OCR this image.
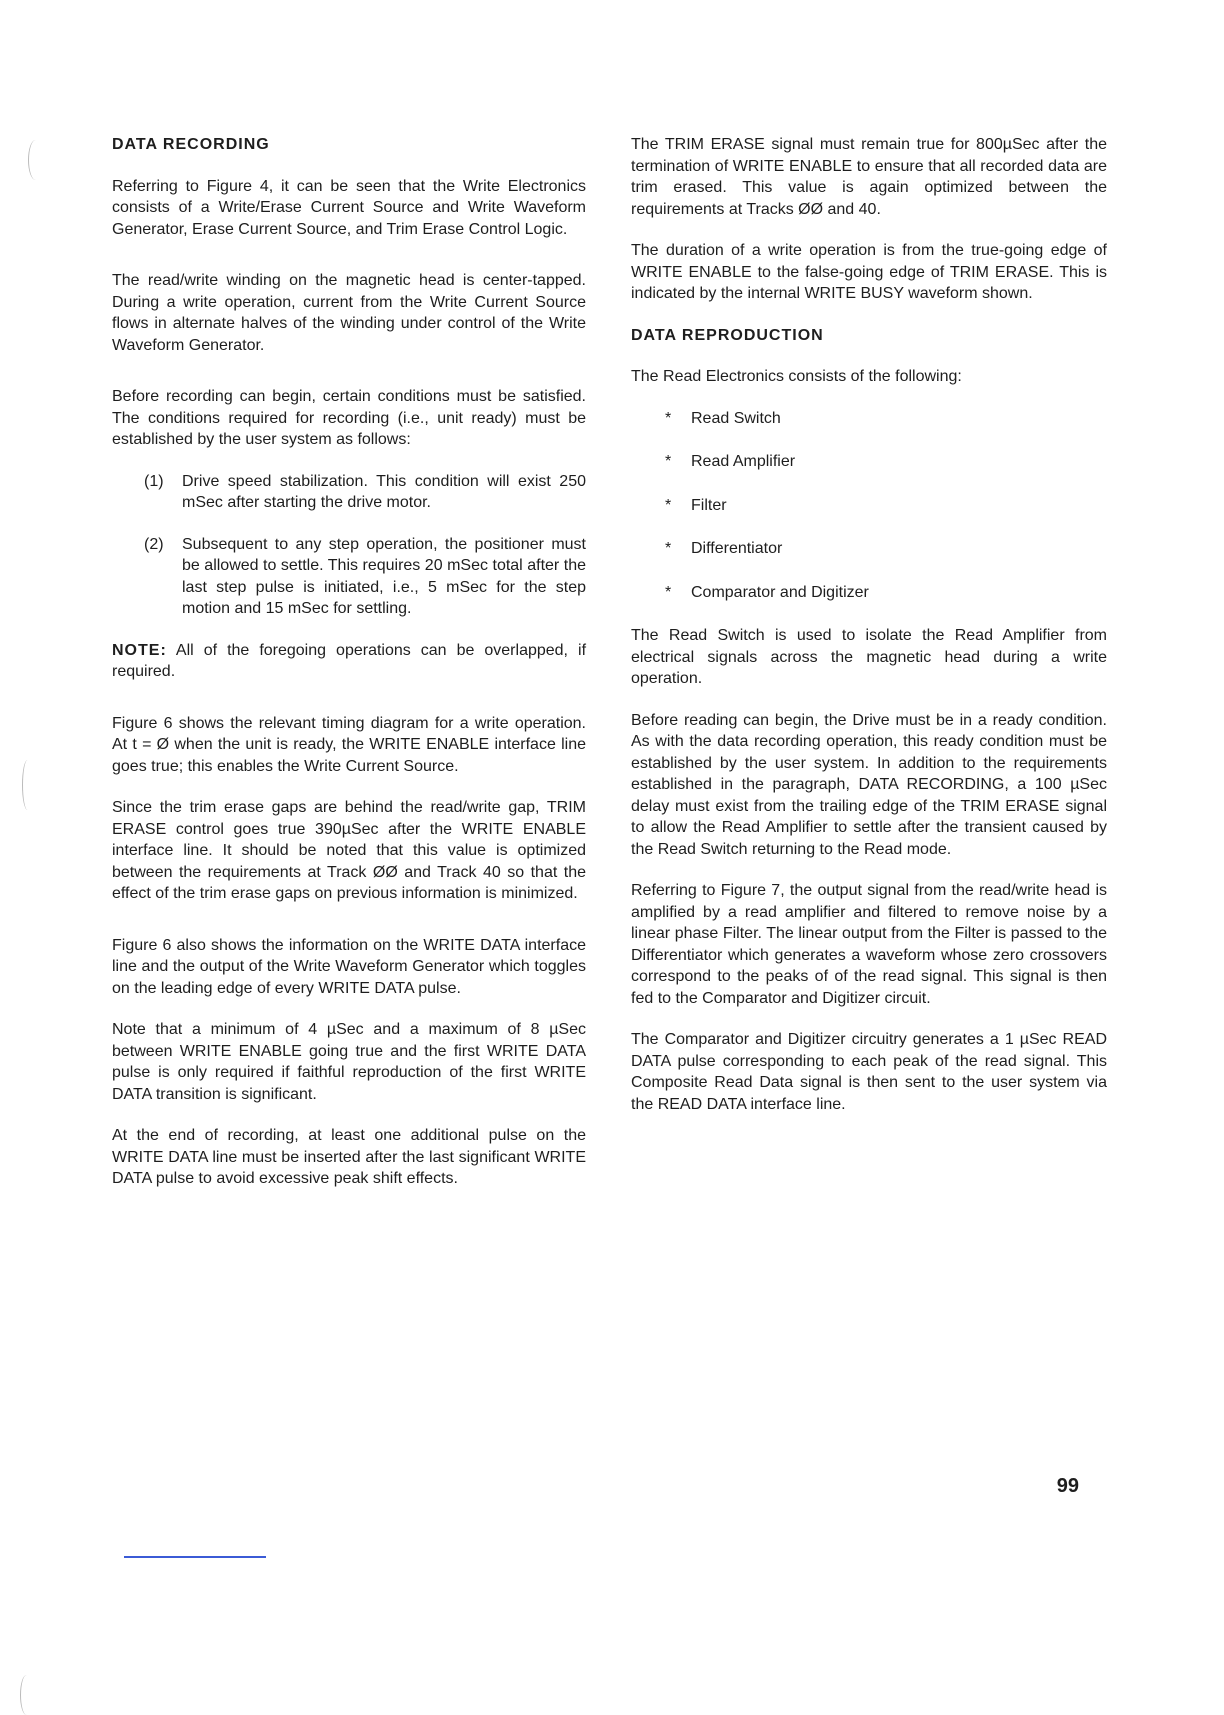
DATA RECORDING

Referring to Figure 4, it can be seen that the Write Electronics consists of a Write/Erase Current Source and Write Waveform Generator, Erase Current Source, and Trim Erase Control Logic.

The read/write winding on the magnetic head is center-tapped. During a write operation, current from the Write Current Source flows in alternate halves of the winding under control of the Write Waveform Generator.

Before recording can begin, certain conditions must be satisfied. The conditions required for recording (i.e., unit ready) must be established by the user system as follows:

(1)	Drive speed stabilization. This condition will exist 250 mSec after starting the drive motor.
(2)	Subsequent to any step operation, the positioner must be allowed to settle. This requires 20 mSec total after the last step pulse is initiated, i.e., 5 mSec for the step motion and 15 mSec for settling.

NOTE: All of the foregoing operations can be overlapped, if required.

Figure 6 shows the relevant timing diagram for a write operation. At t = Ø when the unit is ready, the WRITE ENABLE interface line goes true; this enables the Write Current Source.

Since the trim erase gaps are behind the read/write gap, TRIM ERASE control goes true 390µSec after the WRITE ENABLE interface line. It should be noted that this value is optimized between the requirements at Track ØØ and Track 40 so that the effect of the trim erase gaps on previous information is minimized.

Figure 6 also shows the information on the WRITE DATA interface line and the output of the Write Waveform Generator which toggles on the leading edge of every WRITE DATA pulse.

Note that a minimum of 4 µSec and a maximum of 8 µSec between WRITE ENABLE going true and the first WRITE DATA pulse is only required if faithful reproduction of the first WRITE DATA transition is significant.

At the end of recording, at least one additional pulse on the WRITE DATA line must be inserted after the last significant WRITE DATA pulse to avoid excessive peak shift effects.

The TRIM ERASE signal must remain true for 800µSec after the termination of WRITE ENABLE to ensure that all recorded data are trim erased. This value is again optimized between the requirements at Tracks ØØ and 40.

The duration of a write operation is from the true-going edge of WRITE ENABLE to the false-going edge of TRIM ERASE. This is indicated by the internal WRITE BUSY waveform shown.

DATA REPRODUCTION

The Read Electronics consists of the following:

*	Read Switch
*	Read Amplifier
*	Filter
*	Differentiator
*	Comparator and Digitizer

The Read Switch is used to isolate the Read Amplifier from electrical signals across the magnetic head during a write operation.

Before reading can begin, the Drive must be in a ready condition. As with the data recording operation, this ready condition must be established by the user system. In addition to the requirements established in the paragraph, DATA RECORDING, a 100 µSec delay must exist from the trailing edge of the TRIM ERASE signal to allow the Read Amplifier to settle after the transient caused by the Read Switch returning to the Read mode.

Referring to Figure 7, the output signal from the read/write head is amplified by a read amplifier and filtered to remove noise by a linear phase Filter. The linear output from the Filter is passed to the Differentiator which generates a waveform whose zero crossovers correspond to the peaks of of the read signal. This signal is then fed to the Comparator and Digitizer circuit.

The Comparator and Digitizer circuitry generates a 1 µSec READ DATA pulse corresponding to each peak of the read signal. This Composite Read Data signal is then sent to the user system via the READ DATA interface line.

99
